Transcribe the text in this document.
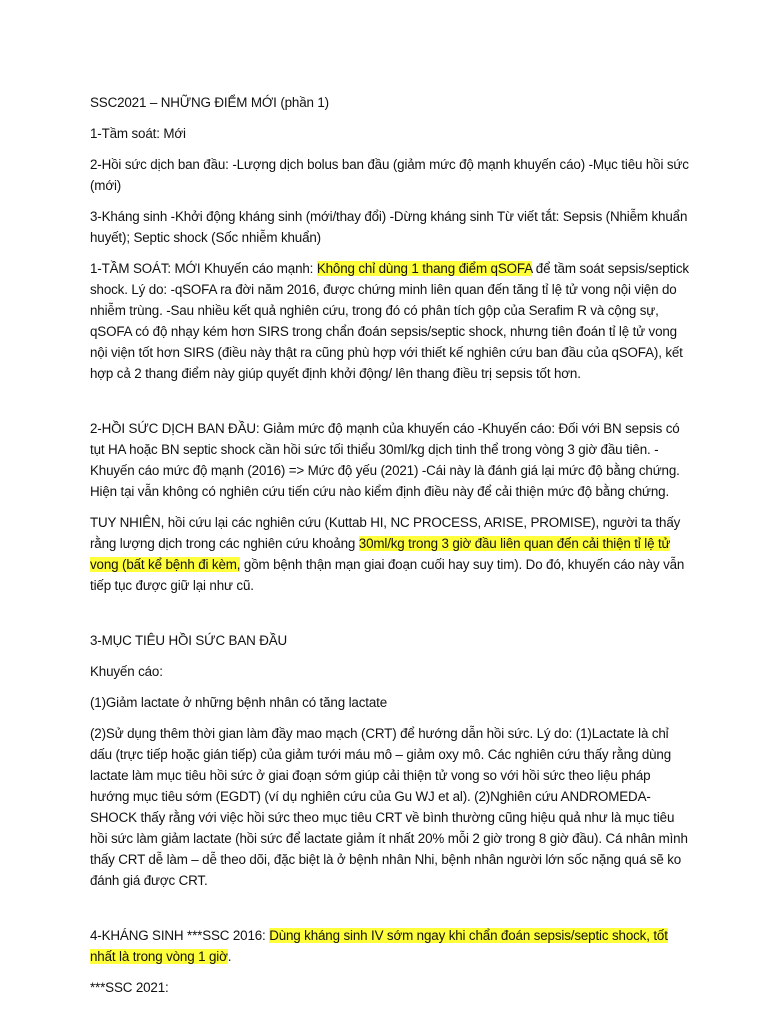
SSC2021 – NHỮNG ĐIỂM MỚI (phần 1)

1-Tầm soát: Mới

2-Hồi sức dịch ban đầu: -Lượng dịch bolus ban đầu (giảm mức độ mạnh khuyến cáo) -Mục tiêu hồi sức (mới)

3-Kháng sinh -Khởi động kháng sinh (mới/thay đổi) -Dừng kháng sinh Từ viết tắt: Sepsis (Nhiễm khuẩn huyết); Septic shock (Sốc nhiễm khuẩn)

1-TẦM SOÁT: MỚI Khuyến cáo mạnh: Không chỉ dùng 1 thang điểm qSOFA để tầm soát sepsis/septick shock. Lý do: -qSOFA ra đời năm 2016, được chứng minh liên quan đến tăng tỉ lệ tử vong nội viện do nhiễm trùng. -Sau nhiều kết quả nghiên cứu, trong đó có phân tích gộp của Serafim R và cộng sự, qSOFA có độ nhạy kém hơn SIRS trong chẩn đoán sepsis/septic shock, nhưng tiên đoán tỉ lệ tử vong nội viện tốt hơn SIRS (điều này thật ra cũng phù hợp với thiết kế nghiên cứu ban đầu của qSOFA), kết hợp cả 2 thang điểm này giúp quyết định khởi động/ lên thang điều trị sepsis tốt hơn.

2-HỒI SỨC DỊCH BAN ĐẦU: Giảm mức độ mạnh của khuyến cáo -Khuyến cáo: Đối với BN sepsis có tụt HA hoặc BN septic shock cần hồi sức tối thiểu 30ml/kg dịch tinh thể trong vòng 3 giờ đầu tiên. -Khuyến cáo mức độ mạnh (2016) => Mức độ yếu (2021) -Cái này là đánh giá lại mức độ bằng chứng. Hiện tại vẫn không có nghiên cứu tiến cứu nào kiểm định điều này để cải thiện mức độ bằng chứng.

TUY NHIÊN, hồi cứu lại các nghiên cứu (Kuttab HI, NC PROCESS, ARISE, PROMISE), người ta thấy rằng lượng dịch trong các nghiên cứu khoảng 30ml/kg trong 3 giờ đầu liên quan đến cải thiện tỉ lệ tử vong (bất kể bệnh đi kèm, gồm bệnh thận mạn giai đoạn cuối hay suy tim). Do đó, khuyến cáo này vẫn tiếp tục được giữ lại như cũ.

3-MỤC TIÊU HỒI SỨC BAN ĐẦU

Khuyến cáo:

(1)Giảm lactate ở những bệnh nhân có tăng lactate

(2)Sử dụng thêm thời gian làm đầy mao mạch (CRT) để hướng dẫn hồi sức. Lý do: (1)Lactate là chỉ dấu (trực tiếp hoặc gián tiếp) của giảm tưới máu mô – giảm oxy mô. Các nghiên cứu thấy rằng dùng lactate làm mục tiêu hồi sức ở giai đoạn sớm giúp cải thiện tử vong so với hồi sức theo liệu pháp hướng mục tiêu sớm (EGDT) (ví dụ nghiên cứu của Gu WJ et al). (2)Nghiên cứu ANDROMEDA-SHOCK thấy rằng với việc hồi sức theo mục tiêu CRT về bình thường cũng hiệu quả như là mục tiêu hồi sức làm giảm lactate (hồi sức để lactate giảm ít nhất 20% mỗi 2 giờ trong 8 giờ đầu). Cá nhân mình thấy CRT dễ làm – dễ theo dõi, đặc biệt là ở bệnh nhân Nhi, bệnh nhân người lớn sốc nặng quá sẽ ko đánh giá được CRT.

4-KHÁNG SINH ***SSC 2016: Dùng kháng sinh IV sớm ngay khi chẩn đoán sepsis/septic shock, tốt nhất là trong vòng 1 giờ.

***SSC 2021:
